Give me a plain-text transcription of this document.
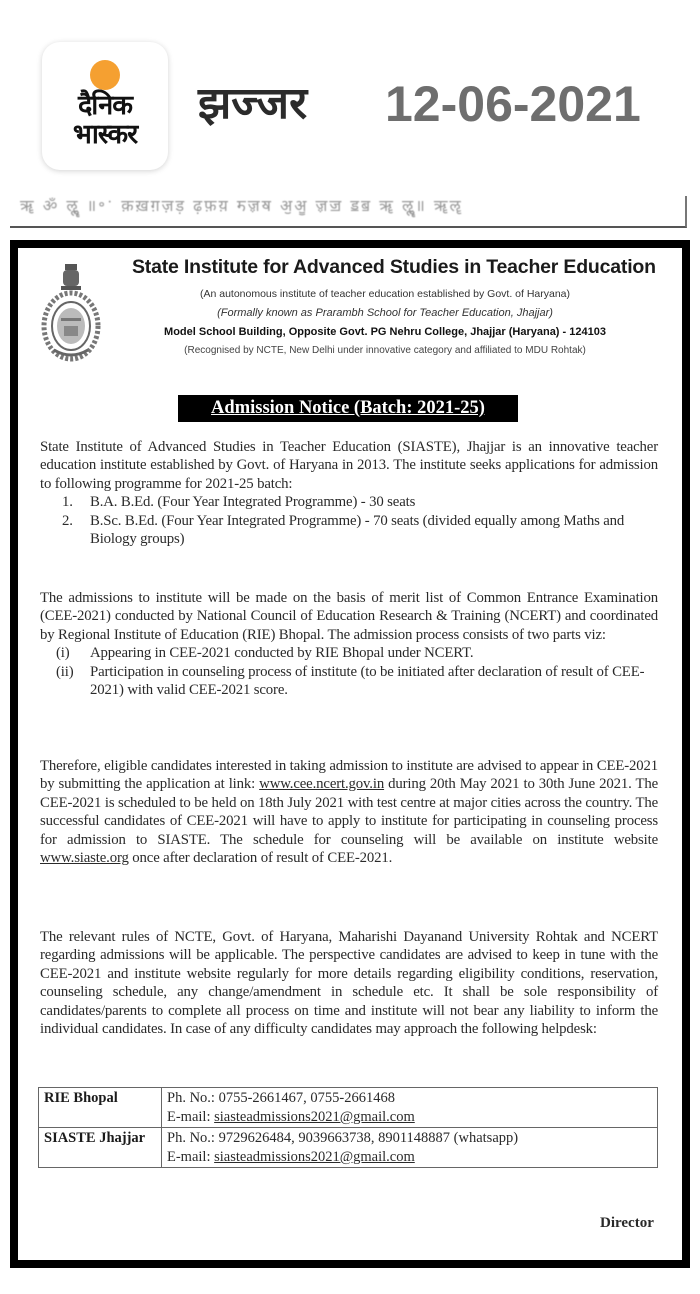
दैनिक
भास्कर
झज्जर 12-06-2021
ॠ ॐ ॡॢॣ ॥॰ॱ क़ख़ग़ज़ड़ ढ़फ़य़ ॸॹॺ ॶॷ ॹॼ ॾॿ ॠ ॡॢॣ॥ ॠॡ
State Institute for Advanced Studies in Teacher Education
(An autonomous institute of teacher education established by Govt. of Haryana)
(Formally known as Prarambh School for Teacher Education, Jhajjar)
Model School Building, Opposite Govt. PG Nehru College, Jhajjar (Haryana) - 124103
(Recognised by NCTE, New Delhi under innovative category and affiliated to MDU Rohtak)
Admission Notice (Batch: 2021-25)
State Institute of Advanced Studies in Teacher Education (SIASTE), Jhajjar is an innovative teacher education institute established by Govt. of Haryana in 2013. The institute seeks applications for admission to following programme for 2021-25 batch:
1.	B.A. B.Ed. (Four Year Integrated Programme) - 30 seats
2.	B.Sc. B.Ed. (Four Year Integrated Programme) - 70 seats (divided equally among Maths and Biology groups)
The admissions to institute will be made on the basis of merit list of Common Entrance Examination (CEE-2021) conducted by National Council of Education Research & Training (NCERT) and coordinated by Regional Institute of Education (RIE) Bhopal. The admission process consists of two parts viz:
(i)	Appearing in CEE-2021 conducted by RIE Bhopal under NCERT.
(ii)	Participation in counseling process of institute (to be initiated after declaration of result of CEE-2021) with valid CEE-2021 score.
Therefore, eligible candidates interested in taking admission to institute are advised to appear in CEE-2021 by submitting the application at link: www.cee.ncert.gov.in during 20th May 2021 to 30th June 2021. The CEE-2021 is scheduled to be held on 18th July 2021 with test centre at major cities across the country. The successful candidates of CEE-2021 will have to apply to institute for participating in counseling process for admission to SIASTE. The schedule for counseling will be available on institute website www.siaste.org once after declaration of result of CEE-2021.
The relevant rules of NCTE, Govt. of Haryana, Maharishi Dayanand University Rohtak and NCERT regarding admissions will be applicable. The perspective candidates are advised to keep in tune with the CEE-2021 and institute website regularly for more details regarding eligibility conditions, reservation, counseling schedule, any change/amendment in schedule etc. It shall be sole responsibility of candidates/parents to complete all process on time and institute will not bear any liability to inform the individual candidates. In case of any difficulty candidates may approach the following helpdesk:
RIE Bhopal	Ph. No.: 0755-2661467, 0755-2661468
E-mail: siasteadmissions2021@gmail.com

SIASTE Jhajjar	Ph. No.: 9729626484, 9039663738, 8901148887 (whatsapp)
E-mail: siasteadmissions2021@gmail.com
Director
